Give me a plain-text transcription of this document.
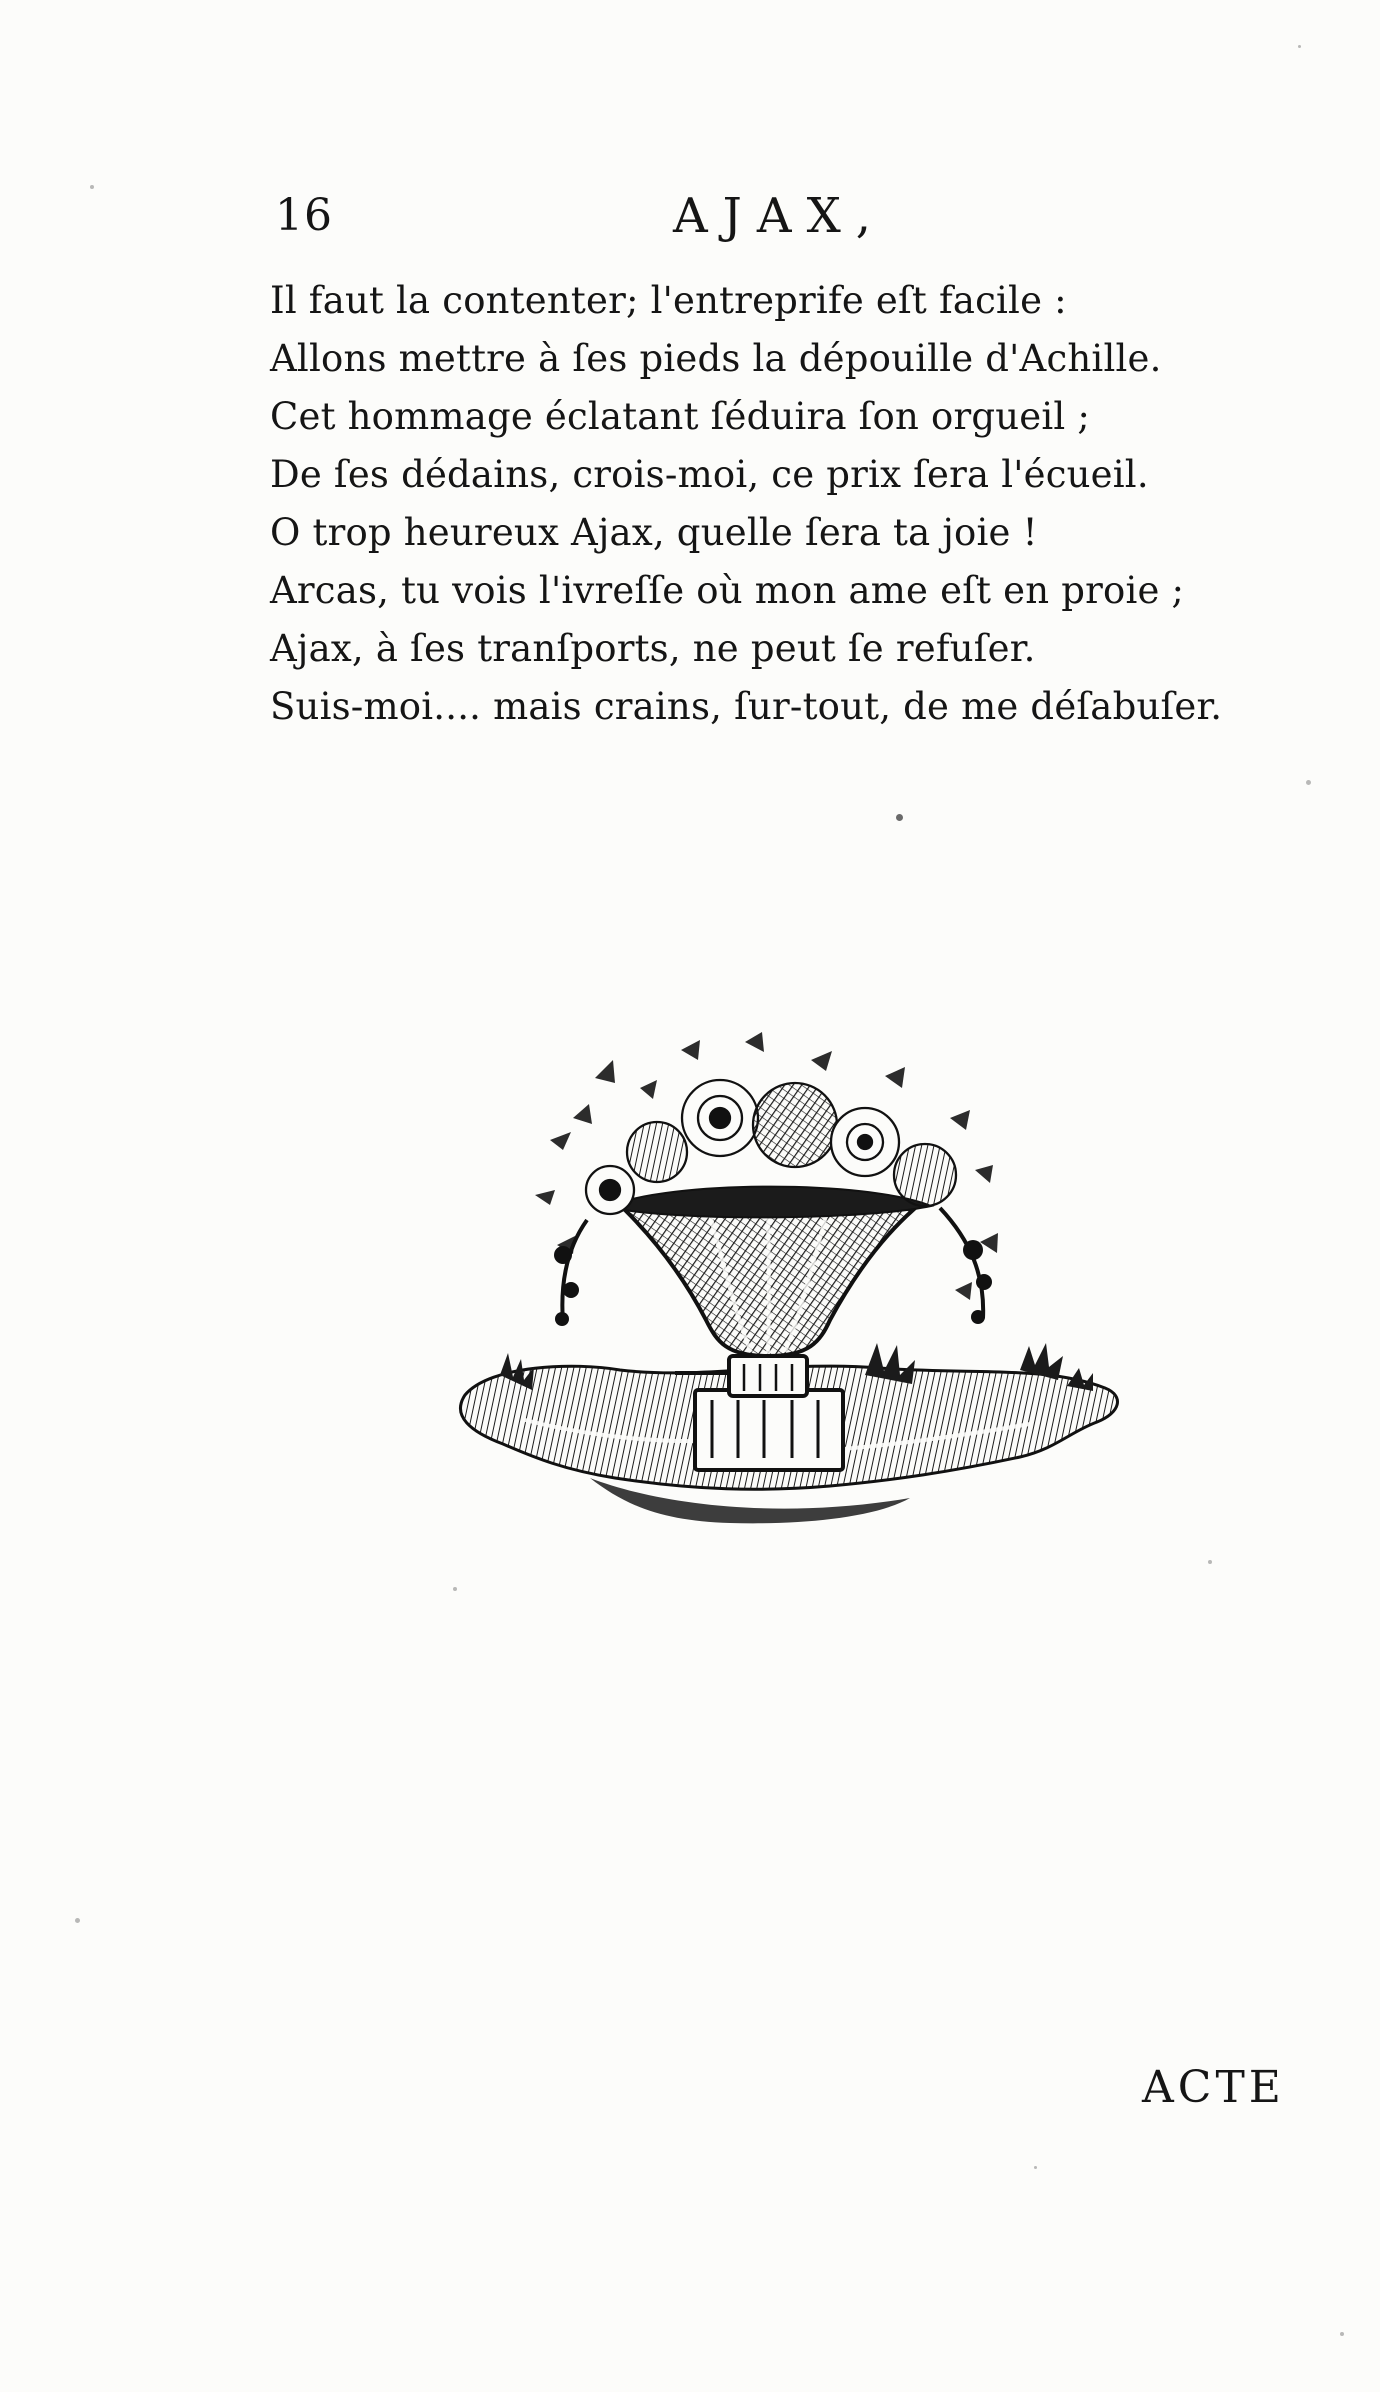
16	AJAX,
Il faut la contenter; l'entreprife eſt facile :
Allons mettre à ſes pieds la dépouille d'Achille.
Cet hommage éclatant ſéduira ſon orgueil ;
De ſes dédains, crois-moi, ce prix ſera l'écueil.
O trop heureux Ajax, quelle ſera ta joie !
Arcas, tu vois l'ivreſſe où mon ame eſt en proie ;
Ajax, à ſes tranſports, ne peut ſe refuſer.
Suis-moi.... mais crains, ſur-tout, de me déſabuſer.
ACTE
